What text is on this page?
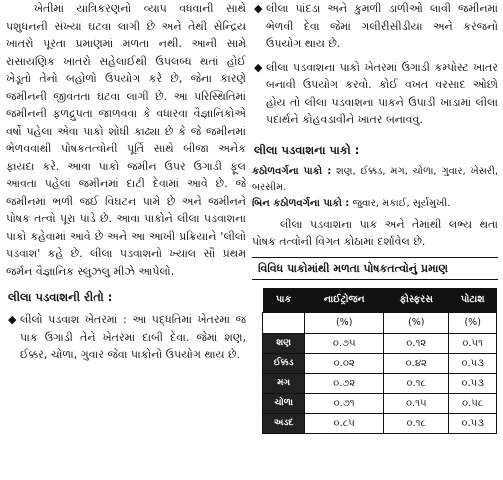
ખેતીમાં યાંત્રિકરણનો વ્યાપ વધવાની સાથે પશુધનની સંખ્યા ઘટવા લાગી છે અને તેથી સેન્દ્રિય ખાતરો પૂરતા પ્રમાણમાં મળતા નથી. આની સામે રાસાયણિક ખાતરો સહેલાઈથી ઉપલબ્ધ થતાં હોઈ ખેડૂતો તેનો બહોળો ઉપયોગ કરે છે, જેના કારણે જમીનની જીવંતતા ઘટવા લાગી છે. આ પરિસ્થિતિમાં જમીનની ફળદ્રુપતા જાળવવા કે વધારવા વૈજ્ઞાનિકોએ વર્ષો પહેલા એવા પાકો શોધી કાઢ્યા છે કે જે જમીનમાં ભેળવવાથી પોષકતત્વોની પૂર્તિ સાથે બીજા અનેક ફાયદા કરે. આવા પાકો જમીન ઉપર ઉગાડી ફૂલ આવતા પહેલાં જમીનમાં દાટી દેવામાં આવે છે. જે જમીનમાં ભળી જઈ વિઘટન પામે છે અને જમીનને પોષક તત્વો પૂરા પાડે છે. આવા પાકોને લીલા પડવાશના પાકો કહેવામાં આવે છે અને આ આખી પ્રક્રિયાને 'લીલો પડવાશ' કહે છે. લીલા પડવાશનો ખ્યાલ સૌ પ્રથમ જર્મન વૈજ્ઞાનિક સ્લુઝલુ મીઝે આપેલો.

લીલા પડવાશની રીતો :

◆ લીલો પડવાશ ખેતરમાં : આ પદ્ધતિમાં ખેતરમાં જ પાક ઉગાડી તેને ખેતરમાં દાબી દેવા. જેમાં શણ, ઈક્કર, ચોળા, ગુવાર જેવા પાકોનો ઉપયોગ થાય છે.

◆ લીલા પાંદડા અને કુમળી ડાળીઓ લાવી જમીનમાં ભેળવી દેવા જેમાં ગલીરીસીડીયા અને કરંજનો ઉપયોગ થાય છે.

◆ લીલા પડવાશના પાકો ખેતરમાં ઉગાડી કમ્પોસ્ટ ખાતર બનાવી ઉપયોગ કરવો. કોઈ વખત વરસાદ ઓછો હોય તો લીલા પડવાશના પાકને ઉપાડી ખાડામાં લીલા પદાર્થને કોહવડાવીને ખાતર બનાવવું.

લીલા પડવાશના પાકો :

કઠોળવર્ગના પાકો : શણ, ઈક્કડ, મગ, ચોળા, ગુવાર, ખેસરી, બરસીમ.

બિન કઠોળવર્ગના પાકો : જુવાર, મકાઈ, સૂર્યમુખી.

લીલા પડવાશના પાક અને તેમાંથી લભ્ય થતા પોષક તત્વોની વિગત કોઠામાં દર્શાવેલ છે.

વિવિધ પાકોમાંથી મળતા પોષકતત્વોનું પ્રમાણ
પાક	નાઈટ્રોજન	ફોસ્ફરસ	પોટાશ
	(%)	(%)	(%)
શણ	૦.૭૫	૦.૧૨	૦.૫૧
ઈક્કડ	૦.૦૨	૦.૪૨	૦.૫૩
મગ	૦.૭૨	૦.૧૮	૦.૫૩
ચોળા	૦.૭૧	૦.૧૫	૦.૫૮
અડદ	૦.૮૫	૦.૧૮	૦.૫૩
